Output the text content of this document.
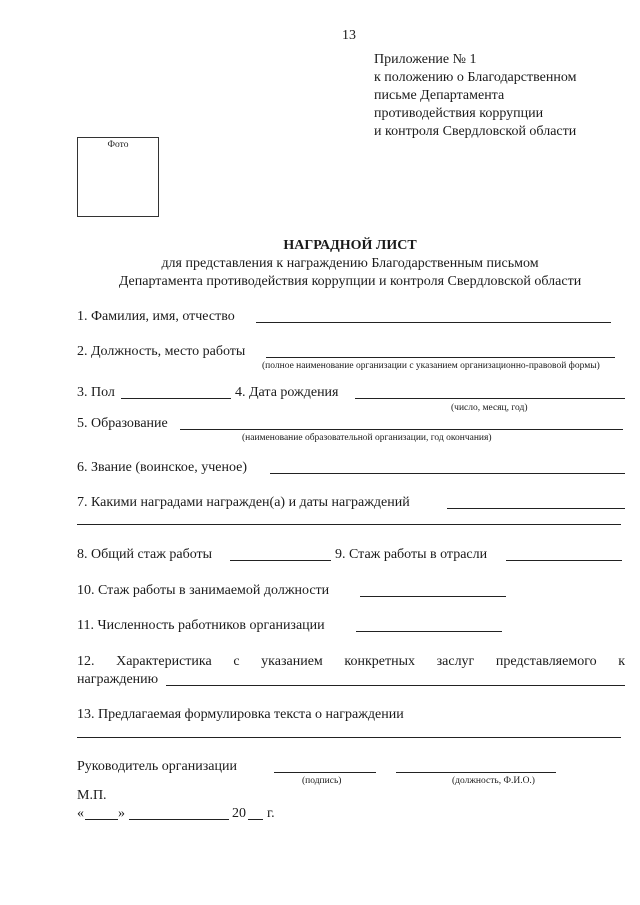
13
Приложение № 1
к положению о Благодарственном
письме Департамента
противодействия коррупции
и контроля Свердловской области
Фото
НАГРАДНОЙ ЛИСТ
для представления к награждению Благодарственным письмом
Департамента противодействия коррупции и контроля Свердловской области
1. Фамилия, имя, отчество
2. Должность, место работы
(полное наименование организации с указанием организационно-правовой формы)
3. Пол	4. Дата рождения
(число, месяц, год)
5. Образование
(наименование образовательной организации, год окончания)
6. Звание (воинское, ученое)
7. Какими наградами награжден(а) и даты награждений
8. Общий стаж работы	9. Стаж работы в отрасли
10. Стаж работы в занимаемой должности
11. Численность работников организации
12. Характеристика с указанием конкретных заслуг представляемого к
награждению
13. Предлагаемая формулировка текста о награждении
Руководитель организации
(подпись)	(должность, Ф.И.О.)
М.П.
« »	20 г.
